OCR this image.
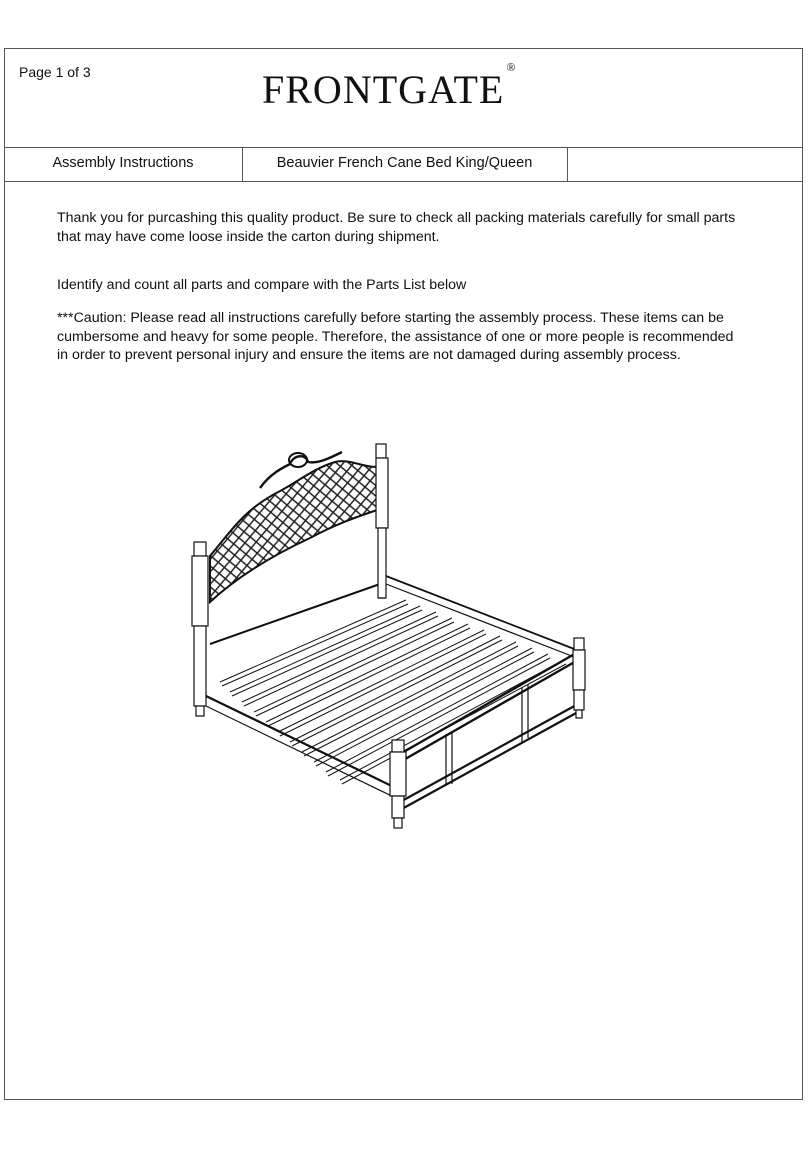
Page 1 of 3	FRONTGATE®
Assembly Instructions	Beauvier French Cane Bed King/Queen
Thank you for purcashing this quality product. Be sure to check all packing materials carefully for small parts that may have come loose inside the carton during shipment.
Identify and count all parts and compare with the Parts List below
***Caution: Please read all instructions carefully before starting the assembly process. These items can be cumbersome and heavy for some people. Therefore, the assistance of one or more people is recommended in order to prevent personal injury and ensure the items are not damaged during assembly process.
